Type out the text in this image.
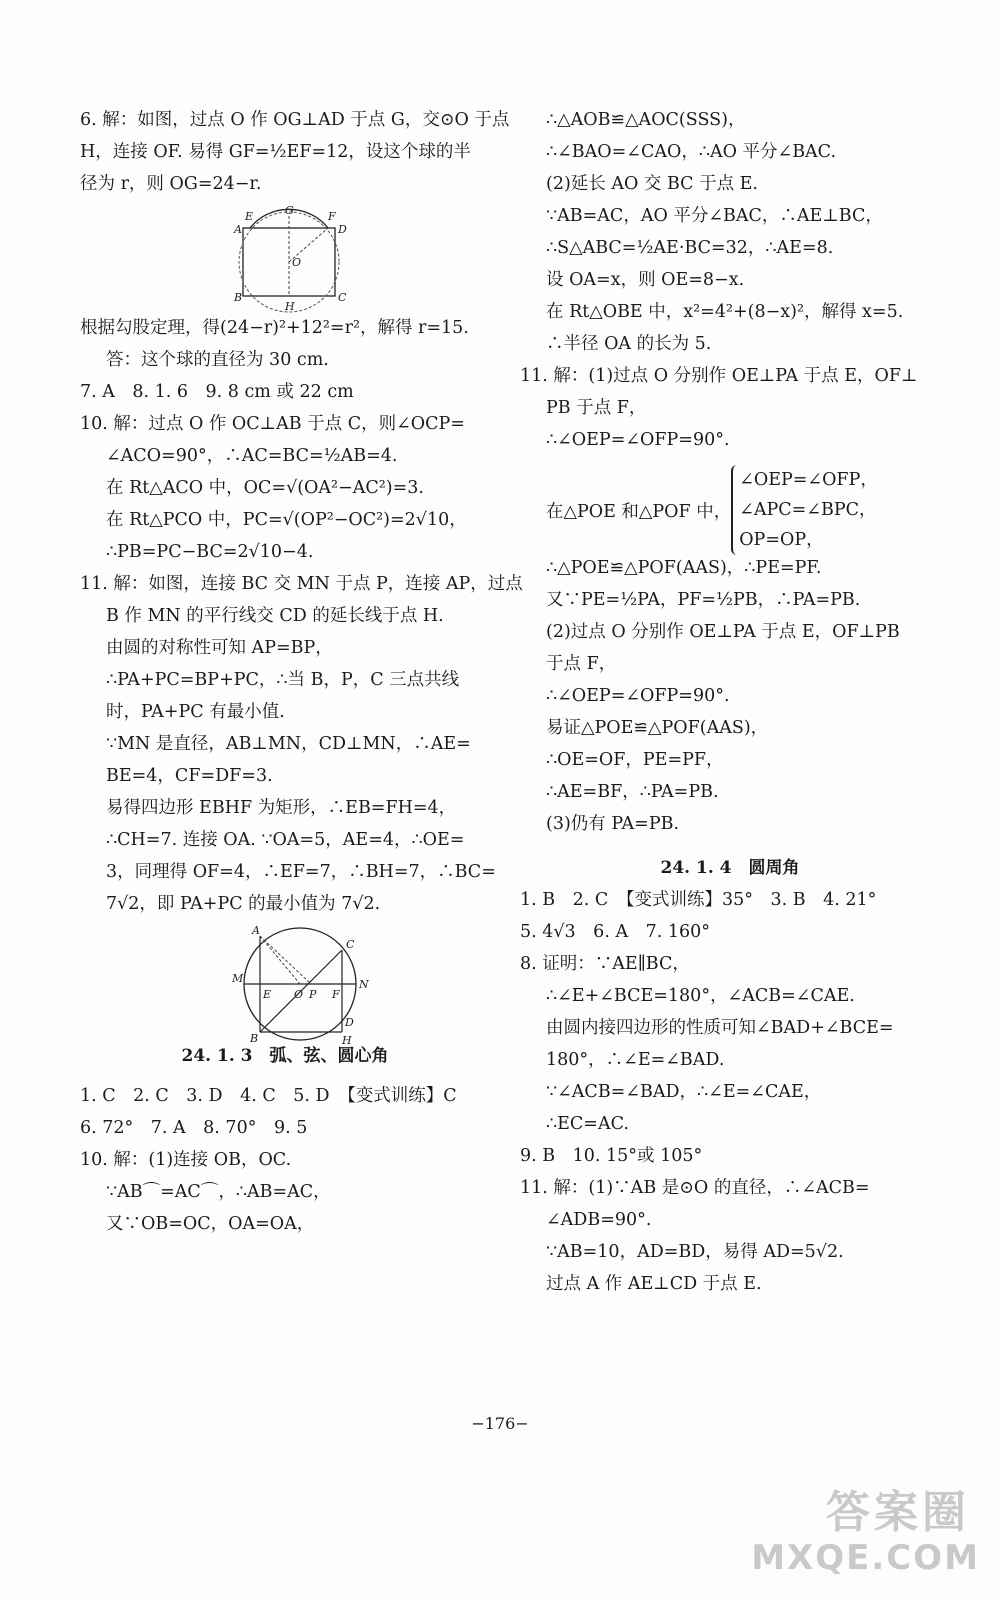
6. 解：如图，过点 O 作 OG⊥AD 于点 G，交⊙O 于点
H，连接 OF. 易得 GF=½EF=12，设这个球的半
径为 r，则 OG=24−r.
E	G	F
A	D
O
B
H
C
根据勾股定理，得(24−r)²+12²=r²，解得 r=15.
答：这个球的直径为 30 cm.
7. A　8. 1. 6　9. 8 cm 或 22 cm
10. 解：过点 O 作 OC⊥AB 于点 C，则∠OCP=
∠ACO=90°，∴AC=BC=½AB=4.
在 Rt△ACO 中，OC=√(OA²−AC²)=3.
在 Rt△PCO 中，PC=√(OP²−OC²)=2√10，
∴PB=PC−BC=2√10−4.
11. 解：如图，连接 BC 交 MN 于点 P，连接 AP，过点
B 作 MN 的平行线交 CD 的延长线于点 H.
由圆的对称性可知 AP=BP，
∴PA+PC=BP+PC，∴当 B，P，C 三点共线
时，PA+PC 有最小值.
∵MN 是直径，AB⊥MN，CD⊥MN，∴AE=
BE=4，CF=DF=3.
易得四边形 EBHF 为矩形，∴EB=FH=4，
∴CH=7. 连接 OA. ∵OA=5，AE=4，∴OE=
3，同理得 OF=4，∴EF=7，∴BH=7，∴BC=
7√2，即 PA+PC 的最小值为 7√2.
A
C
M
E O P F
N
D
B	H
24. 1. 3　弧、弦、圆心角
1. C　2. C　3. D　4. C　5. D　【变式训练】C
6. 72°　7. A　8. 70°　9. 5
10. 解：(1)连接 OB，OC.
∵AB⌒=AC⌒，∴AB=AC，
又∵OB=OC，OA=OA，
∴△AOB≌△AOC(SSS)，
∴∠BAO=∠CAO，∴AO 平分∠BAC.
(2)延长 AO 交 BC 于点 E.
∵AB=AC，AO 平分∠BAC，∴AE⊥BC，
∴S△ABC=½AE·BC=32，∴AE=8.
设 OA=x，则 OE=8−x.
在 Rt△OBE 中，x²=4²+(8−x)²，解得 x=5.
∴半径 OA 的长为 5.
11. 解：(1)过点 O 分别作 OE⊥PA 于点 E，OF⊥
PB 于点 F，
∴∠OEP=∠OFP=90°.
在△POE 和△POF 中，
∠OEP=∠OFP，
∠APC=∠BPC，
OP=OP，
∴△POE≌△POF(AAS)，∴PE=PF.
又∵PE=½PA，PF=½PB，∴PA=PB.
(2)过点 O 分别作 OE⊥PA 于点 E，OF⊥PB
于点 F，
∴∠OEP=∠OFP=90°.
易证△POE≌△POF(AAS)，
∴OE=OF，PE=PF，
∴AE=BF，∴PA=PB.
(3)仍有 PA=PB.
24. 1. 4　圆周角
1. B　2. C　【变式训练】35°　3. B　4. 21°
5. 4√3　6. A　7. 160°
8. 证明：∵AE∥BC，
∴∠E+∠BCE=180°，∠ACB=∠CAE.
由圆内接四边形的性质可知∠BAD+∠BCE=
180°，∴∠E=∠BAD.
∵∠ACB=∠BAD，∴∠E=∠CAE，
∴EC=AC.
9. B　10. 15°或 105°
11. 解：(1)∵AB 是⊙O 的直径，∴∠ACB=
∠ADB=90°.
∵AB=10，AD=BD，易得 AD=5√2.
过点 A 作 AE⊥CD 于点 E.
−176−
答案圈
MXQE.COM
